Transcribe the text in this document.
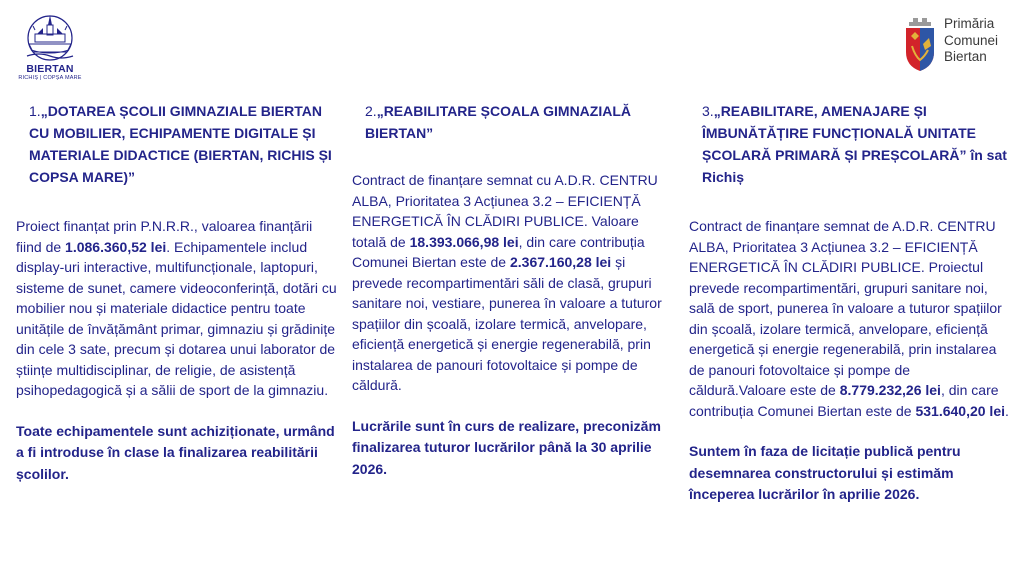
BIERTAN
RICHIȘ | COPȘA MARE
Primăria
Comunei
Biertan

1.„DOTAREA ȘCOLII GIMNAZIALE BIERTAN CU MOBILIER, ECHIPAMENTE DIGITALE ȘI MATERIALE DIDACTICE (BIERTAN, RICHIS ȘI COPSA MARE)”

Proiect finanțat prin P.N.R.R., valoarea finanțării fiind de 1.086.360,52 lei. Echipamentele includ display-uri interactive, multifuncționale, laptopuri, sisteme de sunet, camere videoconferință, dotări cu mobilier nou și materiale didactice pentru toate unitățile de învățământ primar, gimnaziu și grădinițe din cele 3 sate, precum și dotarea unui laborator de științe multidisciplinar, de religie, de asistență psihopedagogică și a sălii de sport de la gimnaziu.

Toate echipamentele sunt achiziționate, urmând a fi introduse în clase la finalizarea reabilitării școlilor.

2.„REABILITARE ȘCOALA GIMNAZIALĂ BIERTAN”

Contract de finanțare semnat cu A.D.R. CENTRU ALBA, Prioritatea 3 Acțiunea 3.2 – EFICIENȚĂ ENERGETICĂ ÎN CLĂDIRI PUBLICE. Valoare totală de 18.393.066,98 lei, din care contribuția Comunei Biertan este de 2.367.160,28 lei și prevede recompartimentări săli de clasă, grupuri sanitare noi, vestiare, punerea în valoare a tuturor spațiilor din școală, izolare termică, anvelopare, eficiență energetică și energie regenerabilă, prin instalarea de panouri fotovoltaice și pompe de căldură.

Lucrările sunt în curs de realizare, preconizăm finalizarea tuturor lucrărilor până la 30 aprilie 2026.

3.„REABILITARE, AMENAJARE ȘI ÎMBUNĂTĂȚIRE FUNCȚIONALĂ UNITATE ȘCOLARĂ PRIMARĂ ȘI PREȘCOLARĂ” în sat Richiș

Contract de finanțare semnat de A.D.R. CENTRU ALBA, Prioritatea 3 Acțiunea 3.2 – EFICIENȚĂ ENERGETICĂ ÎN CLĂDIRI PUBLICE. Proiectul prevede recompartimentări, grupuri sanitare noi, sală de sport, punerea în valoare a tuturor spațiilor din școală, izolare termică, anvelopare, eficiență energetică și energie regenerabilă, prin instalarea de panouri fotovoltaice și pompe de căldură.Valoare este de 8.779.232,26 lei, din care contribuția Comunei Biertan este de 531.640,20 lei.

Suntem în faza de licitație publică pentru desemnarea constructorului și estimăm începerea lucrărilor în aprilie 2026.
